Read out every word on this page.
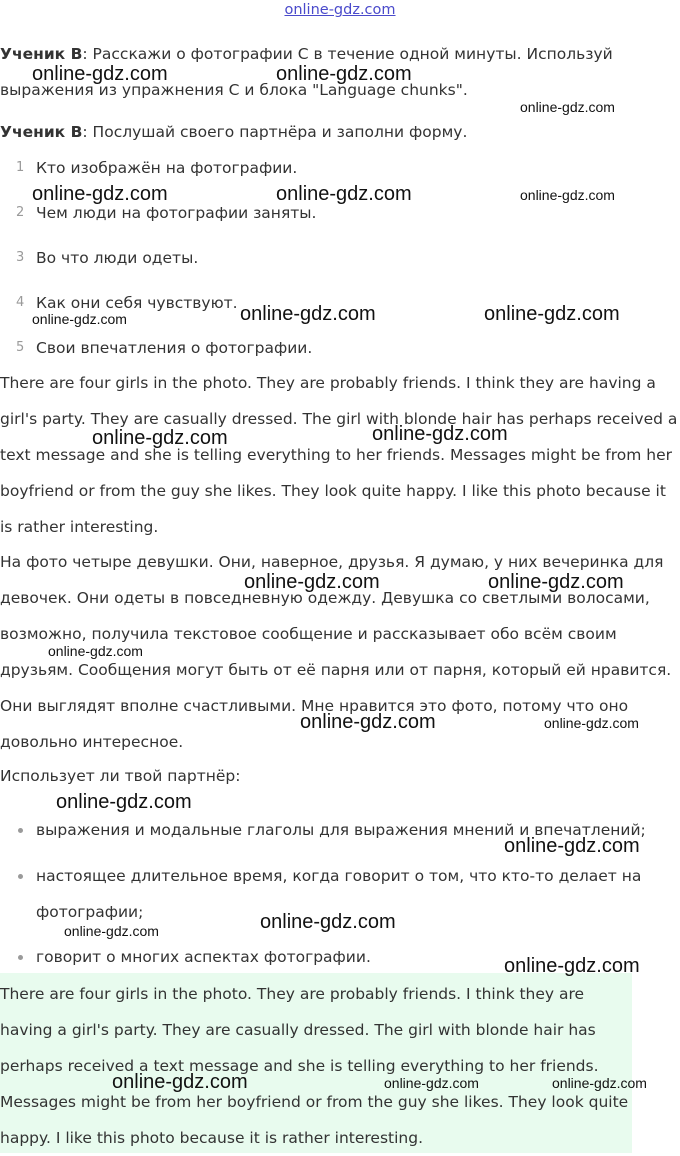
online-gdz.com

Ученик B: Расскажи о фотографии C в течение одной минуты. Используй выражения из упражнения C и блока "Language chunks".

Ученик B: Послушай своего партнёра и заполни форму.

1 Кто изображён на фотографии.
2 Чем люди на фотографии заняты.
3 Во что люди одеты.
4 Как они себя чувствуют.
5 Свои впечатления о фотографии.

There are four girls in the photo. They are probably friends. I think they are having a girl's party. They are casually dressed. The girl with blonde hair has perhaps received a text message and she is telling everything to her friends. Messages might be from her boyfriend or from the guy she likes. They look quite happy. I like this photo because it is rather interesting.

На фото четыре девушки. Они, наверное, друзья. Я думаю, у них вечеринка для девочек. Они одеты в повседневную одежду. Девушка со светлыми волосами, возможно, получила текстовое сообщение и рассказывает обо всём своим друзьям. Сообщения могут быть от её парня или от парня, который ей нравится. Они выглядят вполне счастливыми. Мне нравится это фото, потому что оно довольно интересное.

Использует ли твой партнёр:

выражения и модальные глаголы для выражения мнений и впечатлений;
настоящее длительное время, когда говорит о том, что кто-то делает на фотографии;
говорит о многих аспектах фотографии.

There are four girls in the photo. They are probably friends. I think they are having a girl's party. They are casually dressed. The girl with blonde hair has perhaps received a text message and she is telling everything to her friends. Messages might be from her boyfriend or from the guy she likes. They look quite happy. I like this photo because it is rather interesting.

online-gdz.com	online-gdz.com
online-gdz.com
online-gdz.com	online-gdz.com	online-gdz.com
online-gdz.com	online-gdz.com	online-gdz.com
online-gdz.com	online-gdz.com
online-gdz.com	online-gdz.com
online-gdz.com
online-gdz.com	online-gdz.com
online-gdz.com
online-gdz.com
online-gdz.com
online-gdz.com
online-gdz.com
online-gdz.com	online-gdz.com	online-gdz.com
